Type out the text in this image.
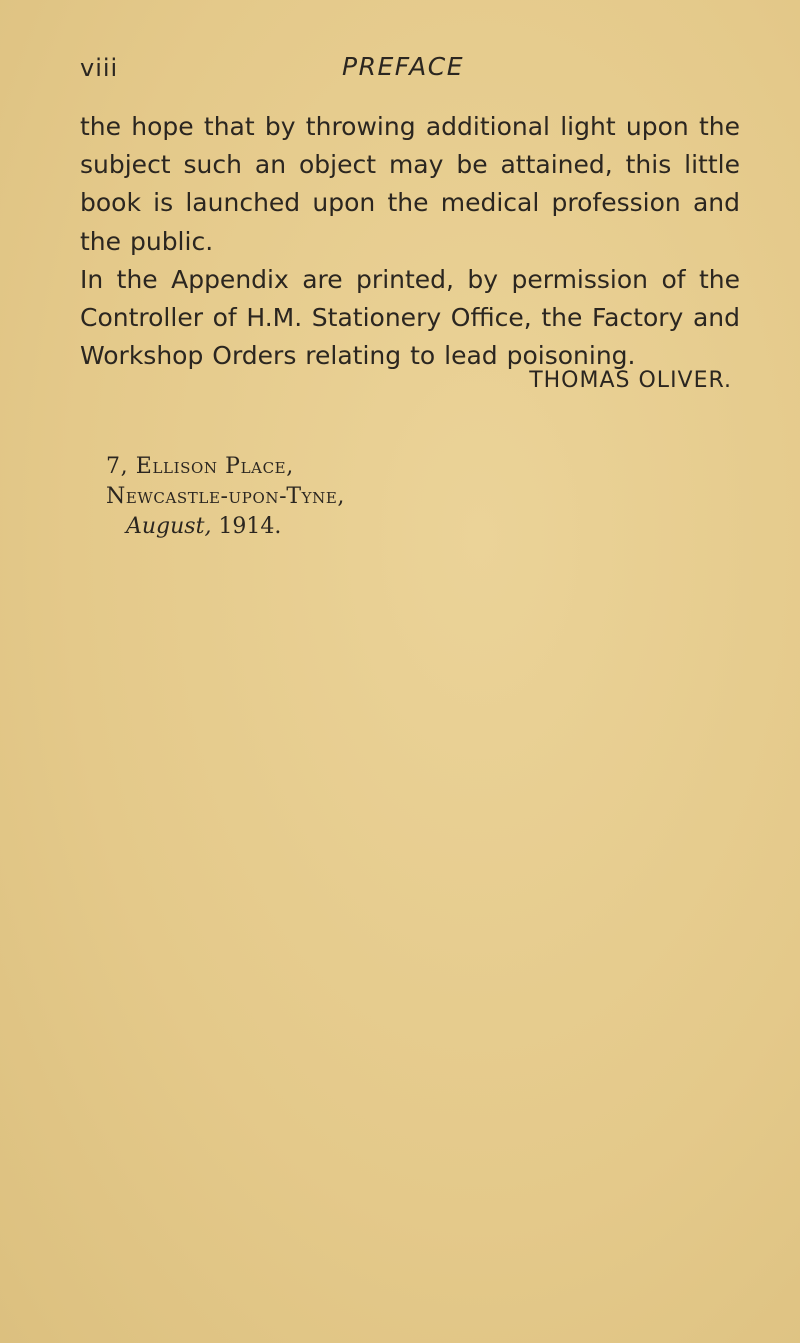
viii	PREFACE

the hope that by throwing additional light upon the subject such an object may be attained, this little book is launched upon the medical profession and the public.

In the Appendix are printed, by permission of the Controller of H.M. Stationery Office, the Factory and Workshop Orders relating to lead poisoning.

THOMAS OLIVER.
7, Ellison Place,
Newcastle-upon-Tyne,
August, 1914.
